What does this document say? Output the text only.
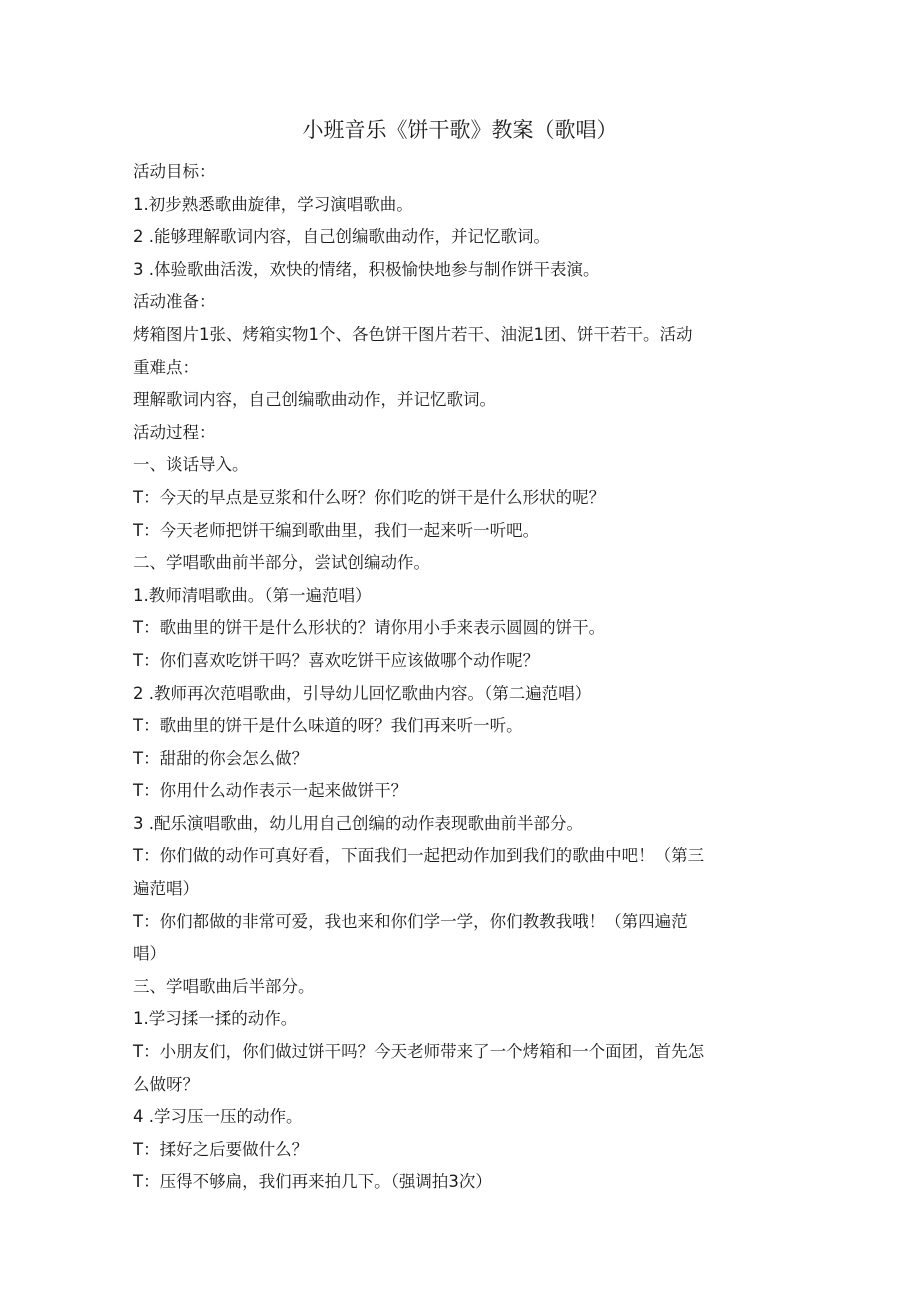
小班音乐《饼干歌》教案（歌唱）
活动目标：
1.初步熟悉歌曲旋律，学习演唱歌曲。
2 .能够理解歌词内容，自己创编歌曲动作，并记忆歌词。
3 .体验歌曲活泼，欢快的情绪，积极愉快地参与制作饼干表演。
活动准备：
烤箱图片1张、烤箱实物1个、各色饼干图片若干、油泥1团、饼干若干。活动
重难点：
理解歌词内容，自己创编歌曲动作，并记忆歌词。
活动过程：
一、谈话导入。
T：今天的早点是豆浆和什么呀？你们吃的饼干是什么形状的呢？
T：今天老师把饼干编到歌曲里，我们一起来听一听吧。
二、学唱歌曲前半部分，尝试创编动作。
1.教师清唱歌曲。（第一遍范唱）
T：歌曲里的饼干是什么形状的？请你用小手来表示圆圆的饼干。
T：你们喜欢吃饼干吗？喜欢吃饼干应该做哪个动作呢？
2 .教师再次范唱歌曲，引导幼儿回忆歌曲内容。（第二遍范唱）
T：歌曲里的饼干是什么味道的呀？我们再来听一听。
T：甜甜的你会怎么做？
T：你用什么动作表示一起来做饼干？
3 .配乐演唱歌曲，幼儿用自己创编的动作表现歌曲前半部分。
T：你们做的动作可真好看，下面我们一起把动作加到我们的歌曲中吧！（第三
遍范唱）
T：你们都做的非常可爱，我也来和你们学一学，你们教教我哦！（第四遍范
唱）
三、学唱歌曲后半部分。
1.学习揉一揉的动作。
T：小朋友们，你们做过饼干吗？今天老师带来了一个烤箱和一个面团，首先怎
么做呀？
4 .学习压一压的动作。
T：揉好之后要做什么？
T：压得不够扁，我们再来拍几下。（强调拍3次）
